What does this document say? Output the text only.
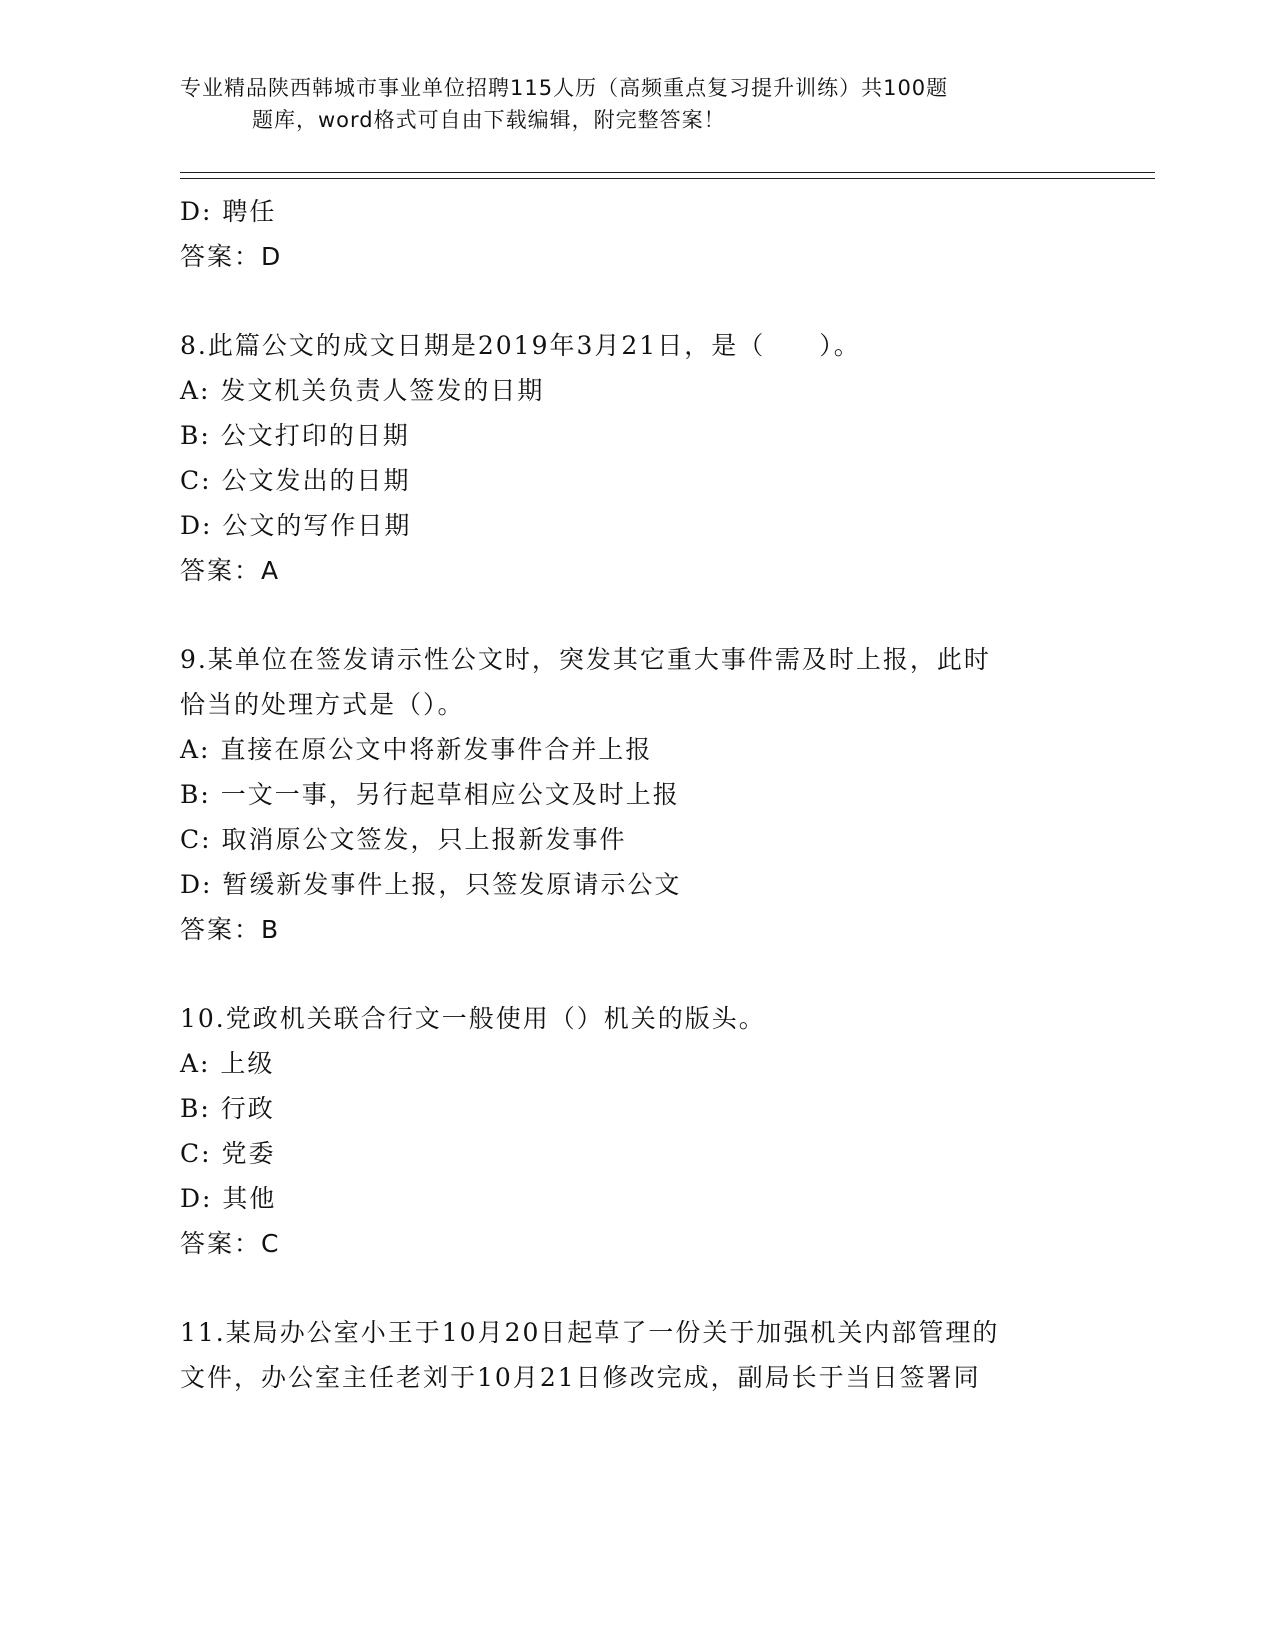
专业精品陕西韩城市事业单位招聘115人历（高频重点复习提升训练）共100题
题库，word格式可自由下载编辑，附完整答案！
D: 聘任
答案：D
8.此篇公文的成文日期是2019年3月21日，是（　　）。
A: 发文机关负责人签发的日期
B: 公文打印的日期
C: 公文发出的日期
D: 公文的写作日期
答案：A
9.某单位在签发请示性公文时，突发其它重大事件需及时上报，此时
恰当的处理方式是（）。
A: 直接在原公文中将新发事件合并上报
B: 一文一事，另行起草相应公文及时上报
C: 取消原公文签发，只上报新发事件
D: 暂缓新发事件上报，只签发原请示公文
答案：B
10.党政机关联合行文一般使用（）机关的版头。
A: 上级
B: 行政
C: 党委
D: 其他
答案：C
11.某局办公室小王于10月20日起草了一份关于加强机关内部管理的
文件，办公室主任老刘于10月21日修改完成，副局长于当日签署同
